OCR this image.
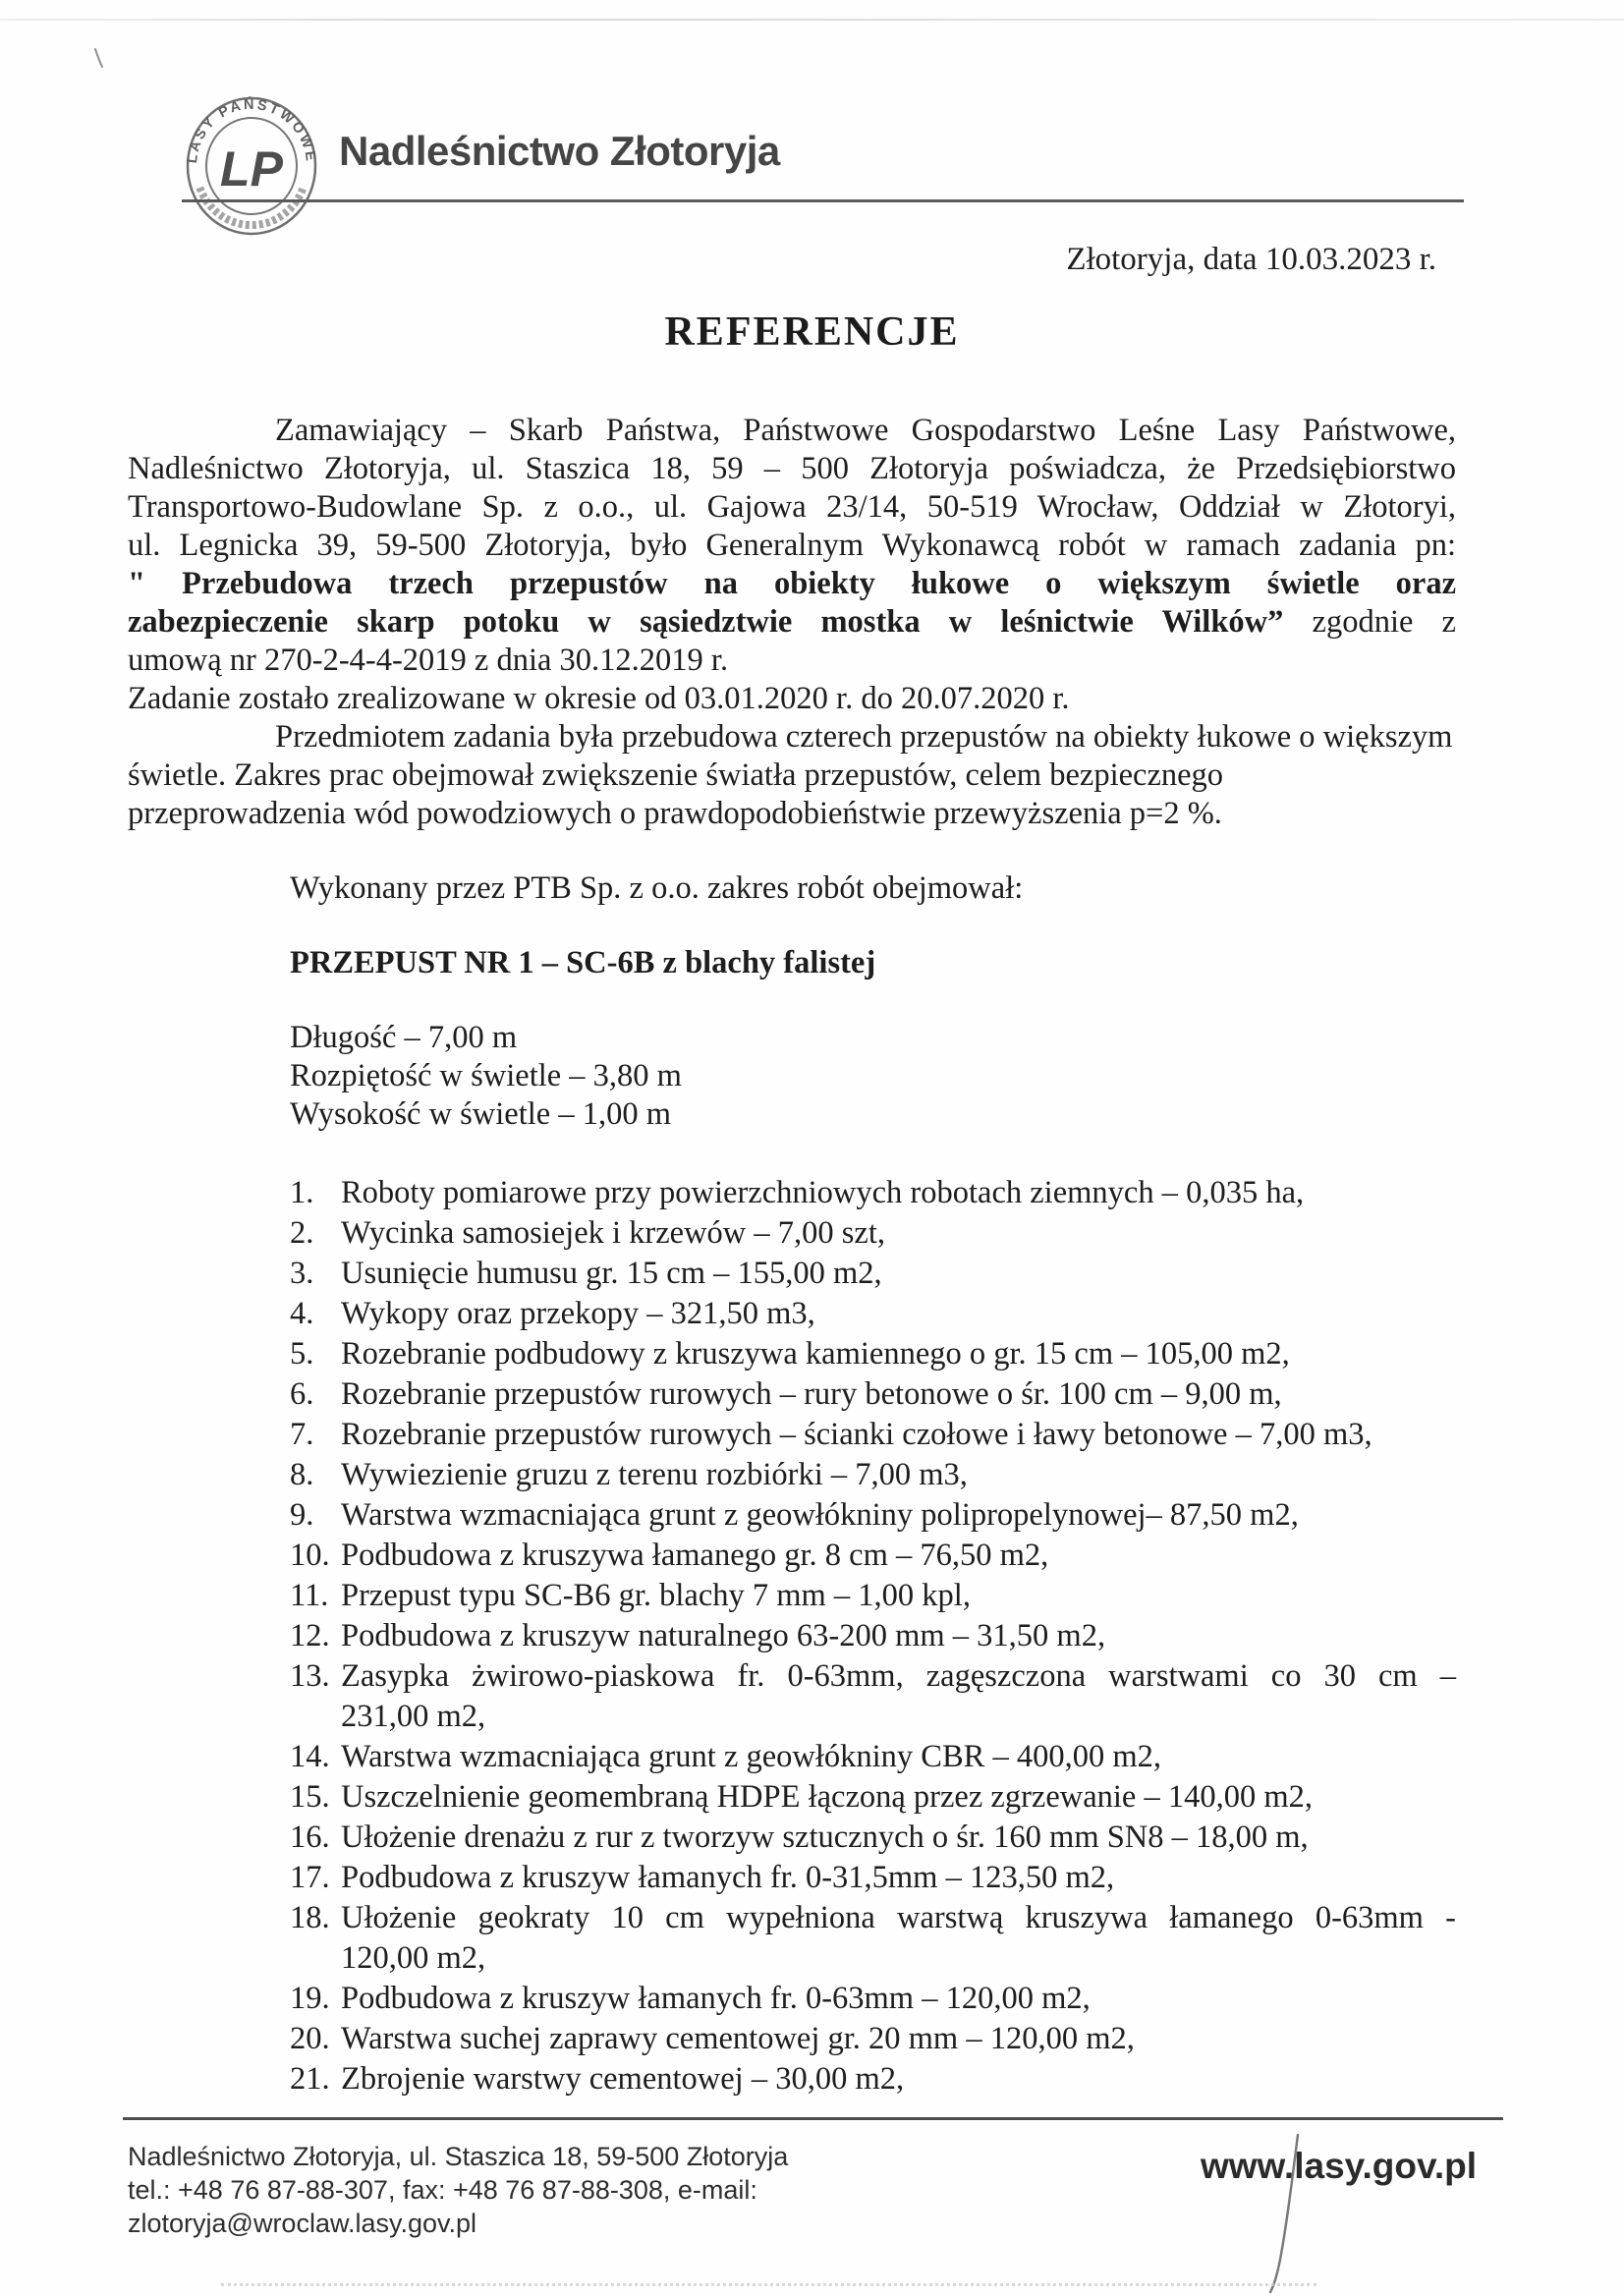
LASY PAŃSTWOWE
LP Nadleśnictwo Złotoryja
Złotoryja, data 10.03.2023 r.
REFERENCJE
Zamawiający – Skarb Państwa, Państwowe Gospodarstwo Leśne Lasy Państwowe,
Nadleśnictwo Złotoryja, ul. Staszica 18, 59 – 500 Złotoryja poświadcza, że Przedsiębiorstwo
Transportowo-Budowlane Sp. z o.o., ul. Gajowa 23/14, 50-519 Wrocław, Oddział w Złotoryi,
ul. Legnicka 39, 59-500 Złotoryja, było Generalnym Wykonawcą robót w ramach zadania pn:
" Przebudowa trzech przepustów na obiekty łukowe o większym świetle oraz
zabezpieczenie skarp potoku w sąsiedztwie mostka w leśnictwie Wilków” zgodnie z
umową nr 270-2-4-4-2019 z dnia 30.12.2019 r.
Zadanie zostało zrealizowane w okresie od 03.01.2020 r. do 20.07.2020 r.
Przedmiotem zadania była przebudowa czterech przepustów na obiekty łukowe o większym
świetle. Zakres prac obejmował zwiększenie światła przepustów, celem bezpiecznego
przeprowadzenia wód powodziowych o prawdopodobieństwie przewyższenia p=2 %.
Wykonany przez PTB Sp. z o.o. zakres robót obejmował:
PRZEPUST NR 1 – SC-6B z blachy falistej
Długość – 7,00 m
Rozpiętość w świetle – 3,80 m
Wysokość w świetle – 1,00 m
1. Roboty pomiarowe przy powierzchniowych robotach ziemnych – 0,035 ha,
2. Wycinka samosiejek i krzewów – 7,00 szt,
3. Usunięcie humusu gr. 15 cm – 155,00 m2,
4. Wykopy oraz przekopy – 321,50 m3,
5. Rozebranie podbudowy z kruszywa kamiennego o gr. 15 cm – 105,00 m2,
6. Rozebranie przepustów rurowych – rury betonowe o śr. 100 cm – 9,00 m,
7. Rozebranie przepustów rurowych – ścianki czołowe i ławy betonowe – 7,00 m3,
8. Wywiezienie gruzu z terenu rozbiórki – 7,00 m3,
9. Warstwa wzmacniająca grunt z geowłókniny polipropelynowej– 87,50 m2,
10. Podbudowa z kruszywa łamanego gr. 8 cm – 76,50 m2,
11. Przepust typu SC-B6 gr. blachy 7 mm – 1,00 kpl,
12. Podbudowa z kruszyw naturalnego 63-200 mm – 31,50 m2,
13. Zasypka żwirowo-piaskowa fr. 0-63mm, zagęszczona warstwami co 30 cm –
231,00 m2,
14. Warstwa wzmacniająca grunt z geowłókniny CBR – 400,00 m2,
15. Uszczelnienie geomembraną HDPE łączoną przez zgrzewanie – 140,00 m2,
16. Ułożenie drenażu z rur z tworzyw sztucznych o śr. 160 mm SN8 – 18,00 m,
17. Podbudowa z kruszyw łamanych fr. 0-31,5mm – 123,50 m2,
18. Ułożenie geokraty 10 cm wypełniona warstwą kruszywa łamanego 0-63mm -
120,00 m2,
19. Podbudowa z kruszyw łamanych fr. 0-63mm – 120,00 m2,
20. Warstwa suchej zaprawy cementowej gr. 20 mm – 120,00 m2,
21. Zbrojenie warstwy cementowej – 30,00 m2,
Nadleśnictwo Złotoryja, ul. Staszica 18, 59-500 Złotoryja
tel.: +48 76 87-88-307, fax: +48 76 87-88-308, e-mail: zlotoryja@wroclaw.lasy.gov.pl
www.lasy.gov.pl
